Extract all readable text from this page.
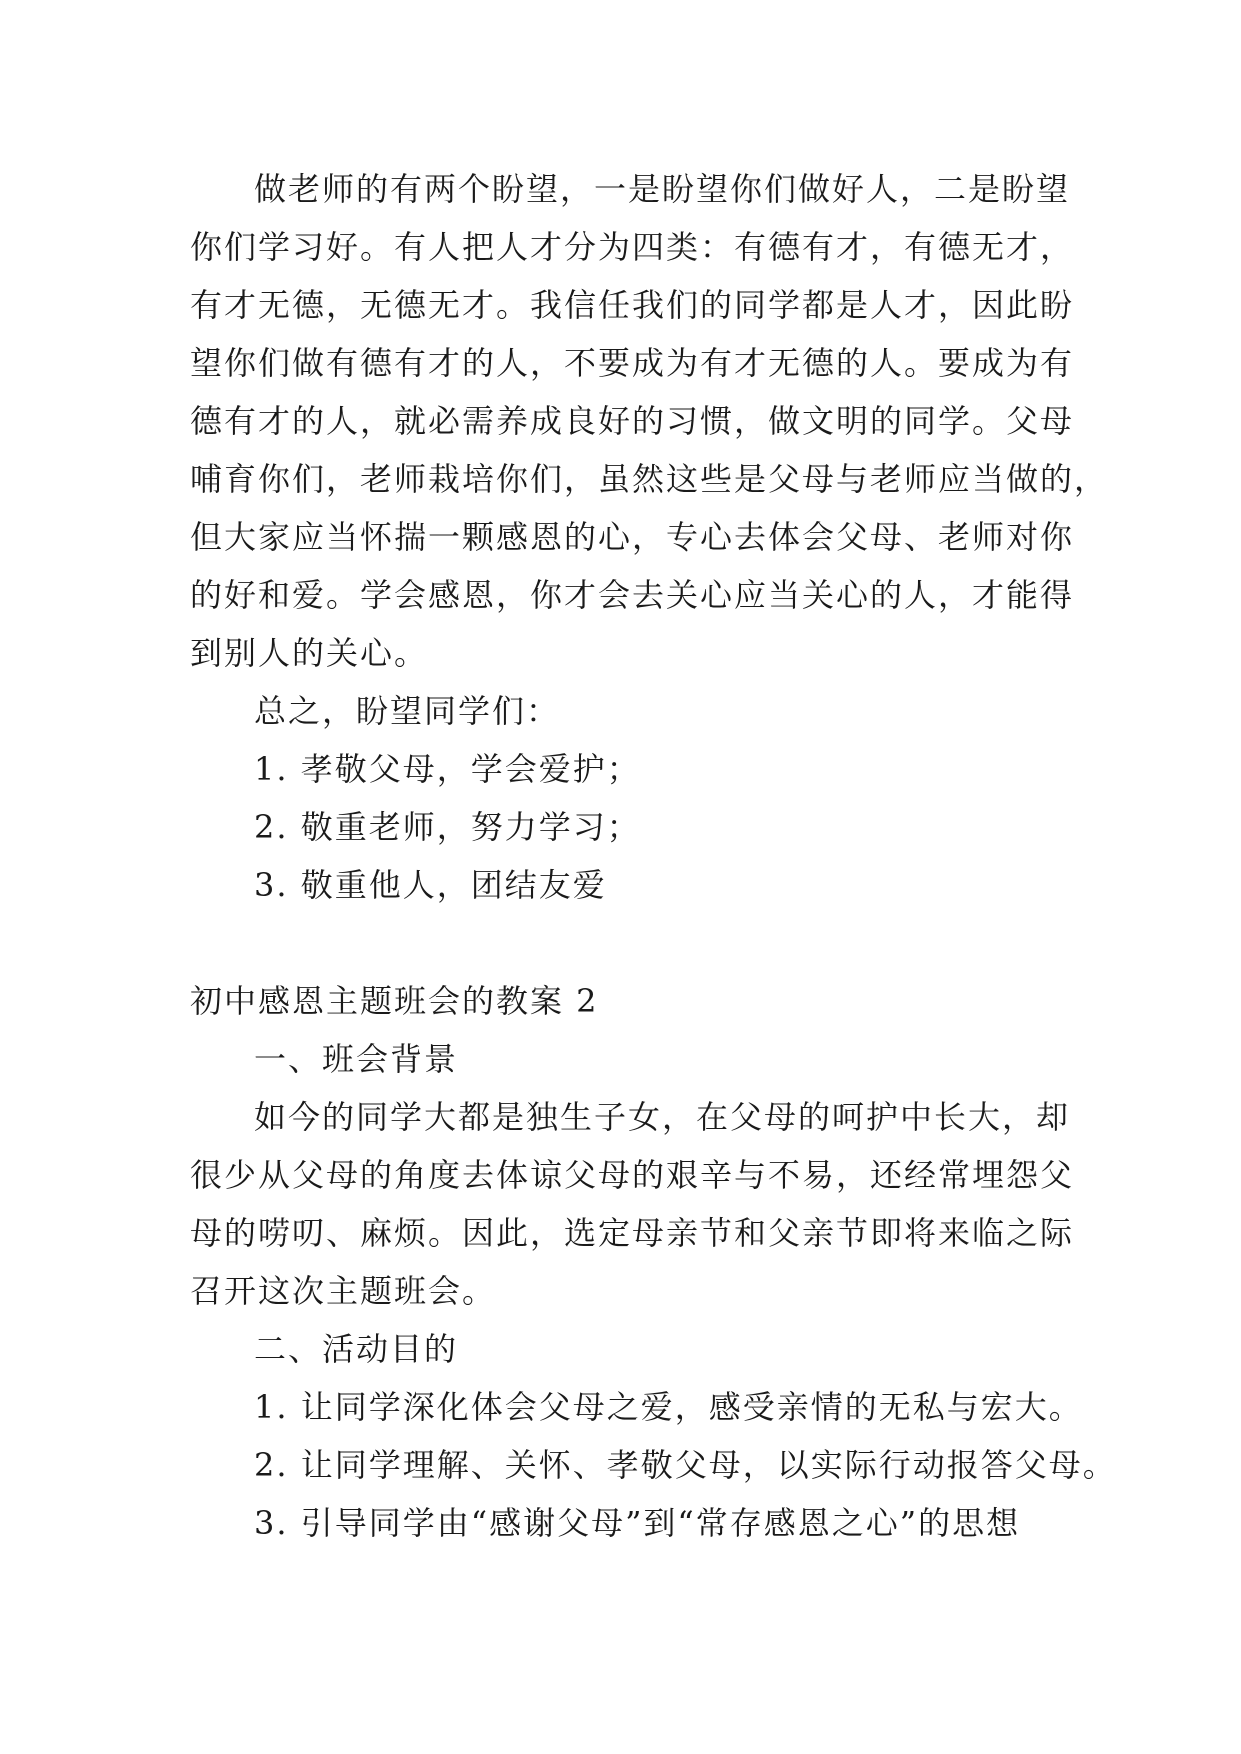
做老师的有两个盼望，一是盼望你们做好人，二是盼望
你们学习好。有人把人才分为四类：有德有才，有德无才，
有才无德，无德无才。我信任我们的同学都是人才，因此盼
望你们做有德有才的人，不要成为有才无德的人。要成为有
德有才的人，就必需养成良好的习惯，做文明的同学。父母
哺育你们，老师栽培你们，虽然这些是父母与老师应当做的，
但大家应当怀揣一颗感恩的心，专心去体会父母、老师对你
的好和爱。学会感恩，你才会去关心应当关心的人，才能得
到别人的关心。
总之，盼望同学们：
1. 孝敬父母，学会爱护；
2. 敬重老师，努力学习；
3. 敬重他人，团结友爱
初中感恩主题班会的教案 2
一、班会背景
如今的同学大都是独生子女，在父母的呵护中长大，却
很少从父母的角度去体谅父母的艰辛与不易，还经常埋怨父
母的唠叨、麻烦。因此，选定母亲节和父亲节即将来临之际
召开这次主题班会。
二、活动目的
1. 让同学深化体会父母之爱，感受亲情的无私与宏大。
2. 让同学理解、关怀、孝敬父母，以实际行动报答父母。
3. 引导同学由“感谢父母”到“常存感恩之心”的思想
